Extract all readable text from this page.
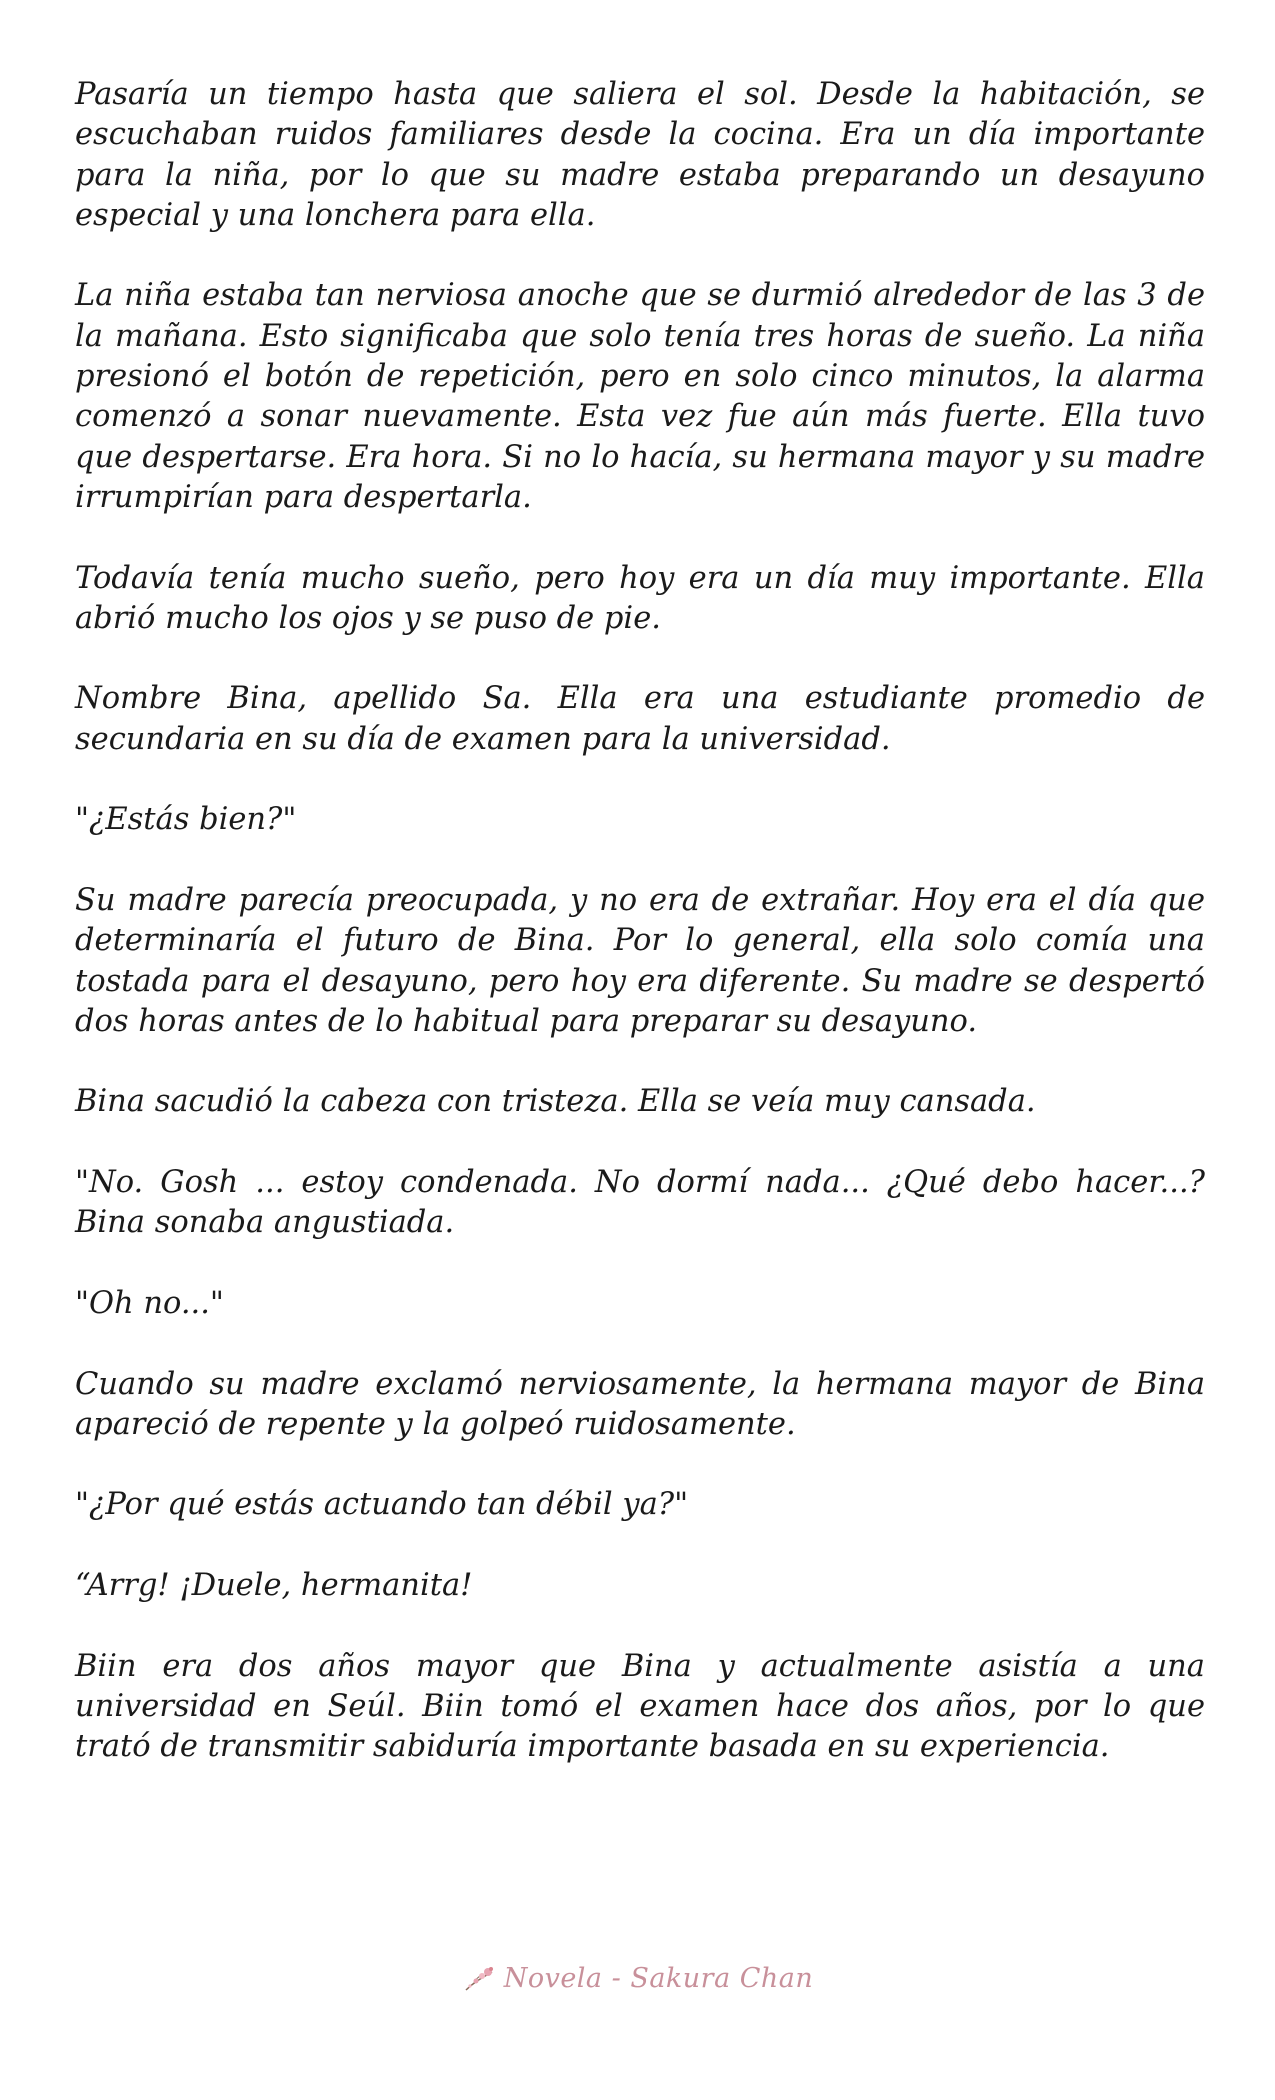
Pasaría un tiempo hasta que saliera el sol. Desde la habitación, se escuchaban ruidos familiares desde la cocina. Era un día importante para la niña, por lo que su madre estaba preparando un desayuno especial y una lonchera para ella.

La niña estaba tan nerviosa anoche que se durmió alrededor de las 3 de la mañana. Esto significaba que solo tenía tres horas de sueño. La niña presionó el botón de repetición, pero en solo cinco minutos, la alarma comenzó a sonar nuevamente. Esta vez fue aún más fuerte. Ella tuvo que despertarse. Era hora. Si no lo hacía, su hermana mayor y su madre irrumpirían para despertarla.

Todavía tenía mucho sueño, pero hoy era un día muy importante. Ella abrió mucho los ojos y se puso de pie.

Nombre Bina, apellido Sa. Ella era una estudiante promedio de secundaria en su día de examen para la universidad.

"¿Estás bien?"

Su madre parecía preocupada, y no era de extrañar. Hoy era el día que determinaría el futuro de Bina. Por lo general, ella solo comía una tostada para el desayuno, pero hoy era diferente. Su madre se despertó dos horas antes de lo habitual para preparar su desayuno.

Bina sacudió la cabeza con tristeza. Ella se veía muy cansada.

"No. Gosh ... estoy condenada. No dormí nada... ¿Qué debo hacer...? Bina sonaba angustiada.

"Oh no..."

Cuando su madre exclamó nerviosamente, la hermana mayor de Bina apareció de repente y la golpeó ruidosamente.

"¿Por qué estás actuando tan débil ya?"

“Arrg! ¡Duele, hermanita!

Biin era dos años mayor que Bina y actualmente asistía a una universidad en Seúl. Biin tomó el examen hace dos años, por lo que trató de transmitir sabiduría importante basada en su experiencia.

Novela - Sakura Chan
